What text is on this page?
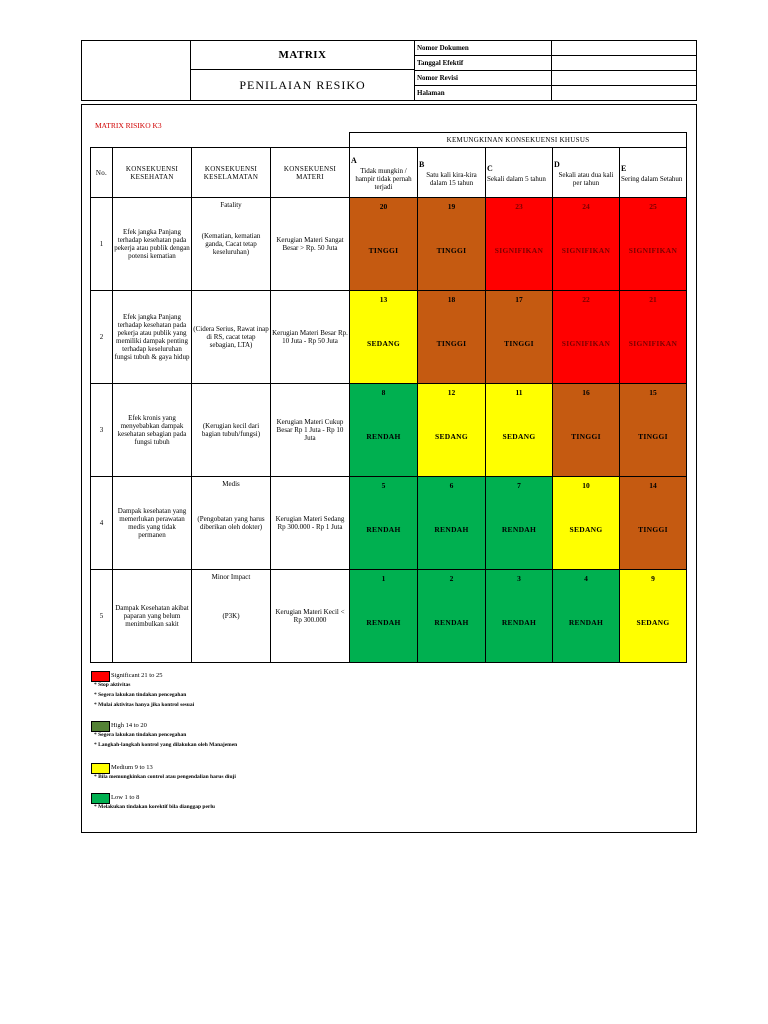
MATRIX
PENILAIAN RESIKO
Nomor Dokumen
Tanggal Efektif
Nomor Revisi
Halaman
MATRIX RISIKO K3
KEMUNGKINAN KONSEKUENSI KHUSUS
No.	KONSEKUENSI KESEHATAN
KONSEKUENSI KESELAMATAN
KONSEKUENSI MATERI
A
Tidak mungkin / hampir tidak pernah terjadi
B
Satu kali kira-kira dalam 15 tahun
C
Sekali dalam 5 tahun
D
Sekali atau dua kali per tahun
E
Sering dalam Setahun
1
Efek jangka Panjang terhadap kesehatan pada pekerja atau publik dengan potensi kematian
Fatality
(Kematian, kematian ganda, Cacat tetap keseluruhan)
Kerugian Materi Sangat Besar > Rp. 50 Juta
20
TINGGI
19
TINGGI
23
SIGNIFIKAN
24
SIGNIFIKAN
25
SIGNIFIKAN
2
Efek jangka Panjang terhadap kesehatan pada pekerja atau publik yang memiliki dampak penting terhadap keseluruhan fungsi tubuh & gaya hidup
(Cidera Serius, Rawat inap di RS, cacat tetap sebagian, LTA)
Kerugian Materi Besar Rp. 10 Juta - Rp 50 Juta
13
SEDANG
18
TINGGI
17
TINGGI
22
SIGNIFIKAN
21
SIGNIFIKAN
3
Efek kronis yang menyebabkan dampak kesehatan sebagian pada fungsi tubuh
(Kerugian kecil dari bagian tubuh/fungsi)
Kerugian Materi Cukup Besar Rp 1 Juta - Rp 10 Juta
8
RENDAH
12
SEDANG
11
SEDANG
16
TINGGI
15
TINGGI
4
Dampak kesehatan yang memerlukan perawatan medis yang tidak permanen
Medis
(Pengobatan yang harus diberikan oleh dokter)
Kerugian Materi Sedang Rp 300.000 - Rp 1 Juta
5
RENDAH
6
RENDAH
7
RENDAH
10
SEDANG
14
TINGGI
5
Dampak Kesehatan akibat paparan yang belum menimbulkan sakit
Minor Impact
(P3K)	Kerugian Materi Kecil < Rp 300.000
1
RENDAH
2
RENDAH
3
RENDAH
4
RENDAH
9
SEDANG
Significant 21 to 25
* Stop aktivitas
* Segera lakukan tindakan pencegahan
* Mulai aktivitas hanya jika kontrol sesuai
High 14 to 20
* Segera lakukan tindakan pencegahan
* Langkah-langkah kontrol yang dilakukan oleh Manajemen
Medium 9 to 13
* Bila memungkinkan control atau pengendalian harus diuji
Low 1 to 8
* Melakukan tindakan korektif bila dianggap perlu
